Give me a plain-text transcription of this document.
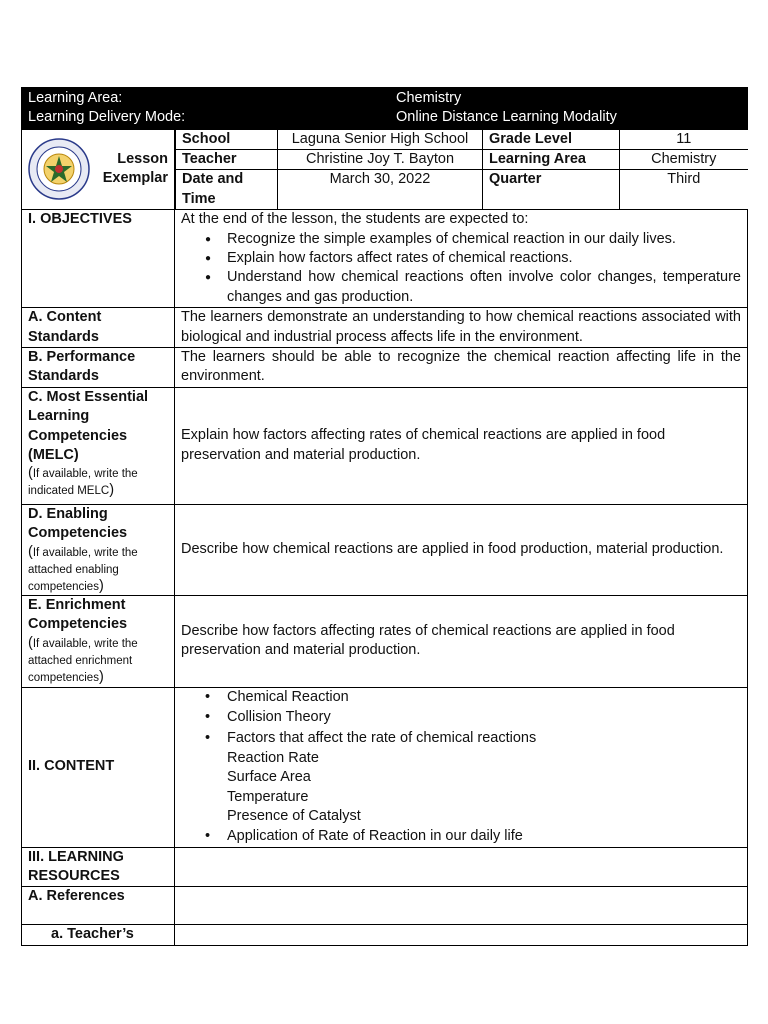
Learning Area:	Chemistry
Learning Delivery Mode:	Online Distance Learning Modality
Lesson
Exemplar

School	Laguna Senior High School	Grade Level	11
Teacher	Christine Joy T. Bayton	Learning Area	Chemistry

Date and
Time
	March 30, 2022	Quarter	Third

I. OBJECTIVES	At the end of the lesson, the students are expected to:
● Recognize the simple examples of chemical reaction in our daily lives.
● Explain how factors affect rates of chemical reactions.
● Understand how chemical reactions often involve color changes, temperature changes and gas production.

A. Content
Standards
	The learners demonstrate an understanding to how chemical reactions associated with biological and industrial process affects life in the environment.

B. Performance
Standards
	The learners should be able to recognize the chemical reaction affecting life in the environment.

C. Most Essential
Learning
Competencies
(MELC)
(If available, write the indicated MELC)
	Explain how factors affecting rates of chemical reactions are applied in food preservation and material production.

D. Enabling
Competencies
(If available, write the attached enabling competencies)
	Describe how chemical reactions are applied in food production, material production.

E. Enrichment
Competencies
(If available, write the attached enrichment competencies)
	Describe how factors affecting rates of chemical reactions are applied in food preservation and material production.
II. CONTENT	
• Chemical Reaction
• Collision Theory
• Factors that affect the rate of chemical reactions
Reaction Rate
Surface Area
Temperature
Presence of Catalyst
• Application of Rate of Reaction in our daily life

III. LEARNING
RESOURCES

A. References	
a. Teacher’s	
